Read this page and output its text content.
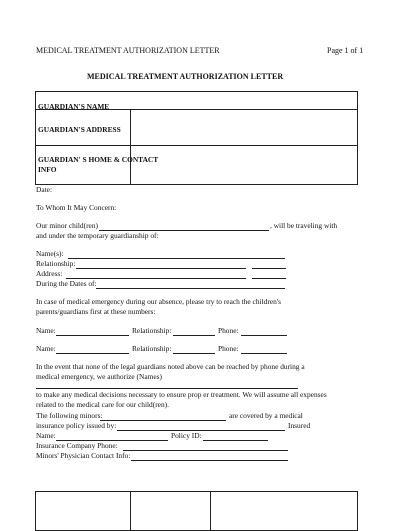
MEDICAL TREATMENT AUTHORIZATION LETTER	Page 1 of 1
MEDICAL TREATMENT AUTHORIZATION LETTER
GUARDIAN'S NAME
GUARDIAN'S ADDRESS
GUARDIAN' S HOME & CONTACT
INFO
Date:
To Whom It May Concern:
Our minor child(ren)	, will be traveling with
and under the temporary guardianship of:
Name(s):
Relationship:
Address:
During the Dates of:
In case of medical emergency during our absence, please try to reach the children's
parents/guardians first at these numbers:
Name:	Relationship:	Phone:
Name:	Relationship:	Phone:
In the event that none of the legal guardians noted above can be reached by phone during a
medical emergency, we authorize (Names)
to make any medical decisions necessary to ensure prop er treatment. We will assume all expenses
related to the medical care for our child(ren).
The following minors:	are covered by a medical
insurance policy issued by:	Insured
Name:	Policy ID:
Insurance Company Phone:
Minors' Physician Contact Info:
